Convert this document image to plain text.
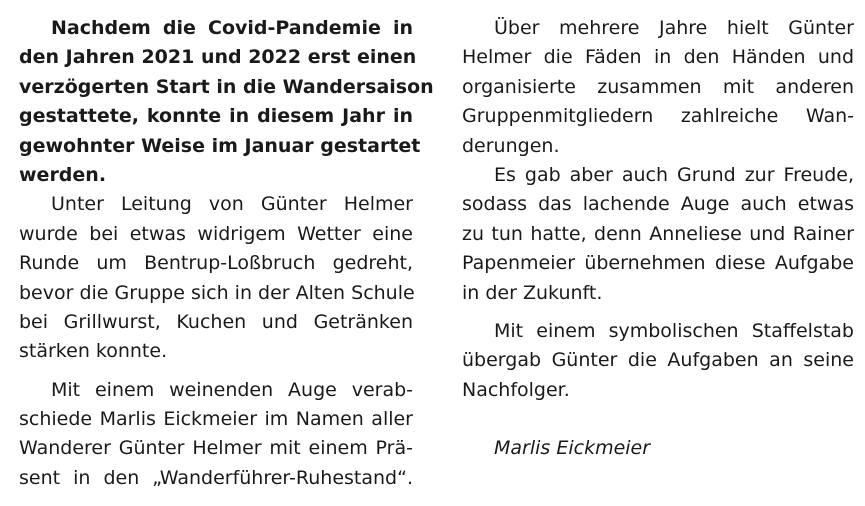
Nachdem die Covid-Pandemie in
den Jahren 2021 und 2022 erst einen
verzögerten Start in die Wandersaison
gestattete, konnte in diesem Jahr in
gewohnter Weise im Januar gestartet
werden.
Unter Leitung von Günter Helmer
wurde bei etwas widrigem Wetter eine
Runde um Bentrup-Loßbruch gedreht,
bevor die Gruppe sich in der Alten Schule
bei Grillwurst, Kuchen und Getränken
stärken konnte.
Mit einem weinenden Auge verab-
schiede Marlis Eickmeier im Namen aller
Wanderer Günter Helmer mit einem Prä-
sent in den „Wanderführer-Ruhestand“.
Über mehrere Jahre hielt Günter
Helmer die Fäden in den Händen und
organisierte zusammen mit anderen
Gruppenmitgliedern zahlreiche Wan-
derungen.
Es gab aber auch Grund zur Freude,
sodass das lachende Auge auch etwas
zu tun hatte, denn Anneliese und Rainer
Papenmeier übernehmen diese Aufgabe
in der Zukunft.
Mit einem symbolischen Staffelstab
übergab Günter die Aufgaben an seine
Nachfolger.
Marlis Eickmeier
